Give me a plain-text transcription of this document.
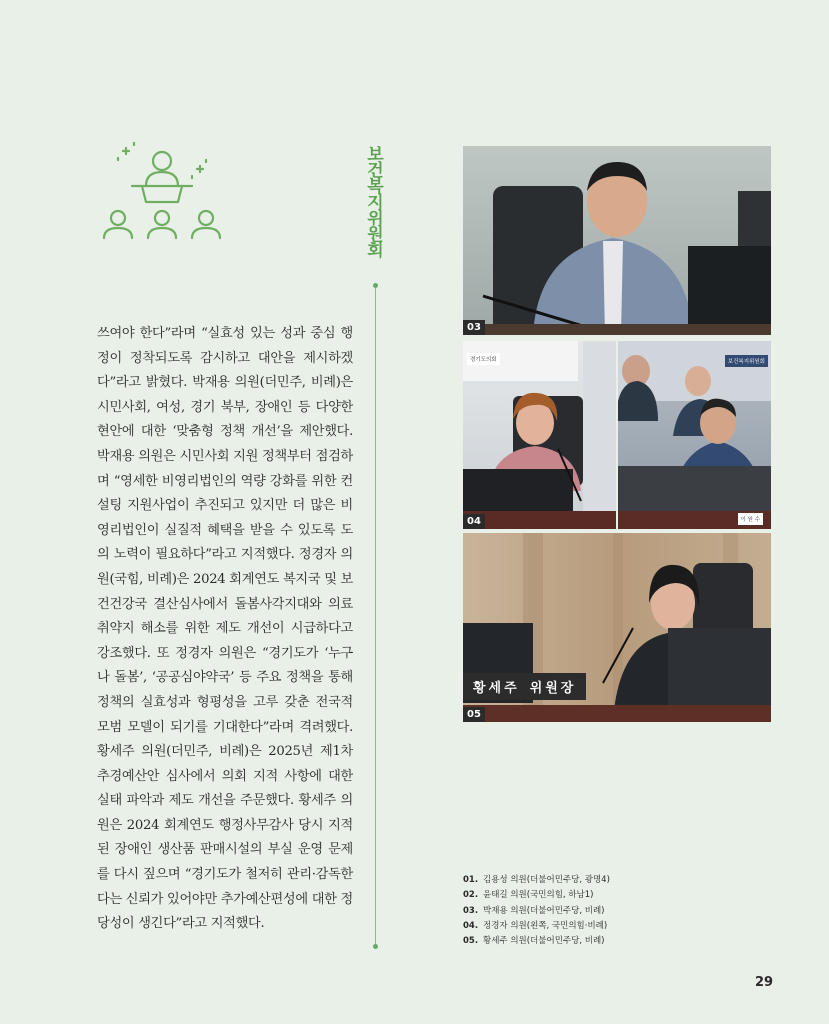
쓰여야 한다”라며 “실효성 있는 성과 중심 행정이 정착되도록 감시하고 대안을 제시하겠다”라고 밝혔다. 박재용 의원(더민주, 비례)은 시민사회, 여성, 경기 북부, 장애인 등 다양한 현안에 대한 ‘맞춤형 정책 개선’을 제안했다. 박재용 의원은 시민사회 지원 정책부터 점검하며 “영세한 비영리법인의 역량 강화를 위한 컨설팅 지원사업이 추진되고 있지만 더 많은 비영리법인이 실질적 혜택을 받을 수 있도록 도의 노력이 필요하다”라고 지적했다. 정경자 의원(국힘, 비례)은 2024 회계연도 복지국 및 보건건강국 결산심사에서 돌봄사각지대와 의료취약지 해소를 위한 제도 개선이 시급하다고 강조했다. 또 정경자 의원은 “경기도가 ‘누구나 돌봄’, ‘공공심야약국’ 등 주요 정책을 통해 정책의 실효성과 형평성을 고루 갖춘 전국적 모범 모델이 되기를 기대한다”라며 격려했다. 황세주 의원(더민주, 비례)은 2025년 제1차 추경예산안 심사에서 의회 지적 사항에 대한 실태 파악과 제도 개선을 주문했다. 황세주 의원은 2024 회계연도 행정사무감사 당시 지적된 장애인 생산품 판매시설의 부실 운영 문제를 다시 짚으며 “경기도가 철저히 관리·감독한다는 신뢰가 있어야만 추가예산편성에 대한 정당성이 생긴다”라고 지적했다.

보건복지위원회
03
경기도의회
04
보건복지위원회
이 원 수
황세주 위원장
05
01. 김용성 의원(더불어민주당, 광명4)
02. 윤태길 의원(국민의힘, 하남1)
03. 박재용 의원(더불어민주당, 비례)
04. 정경자 의원(왼쪽, 국민의힘·비례)
05. 황세주 의원(더불어민주당, 비례)
29
